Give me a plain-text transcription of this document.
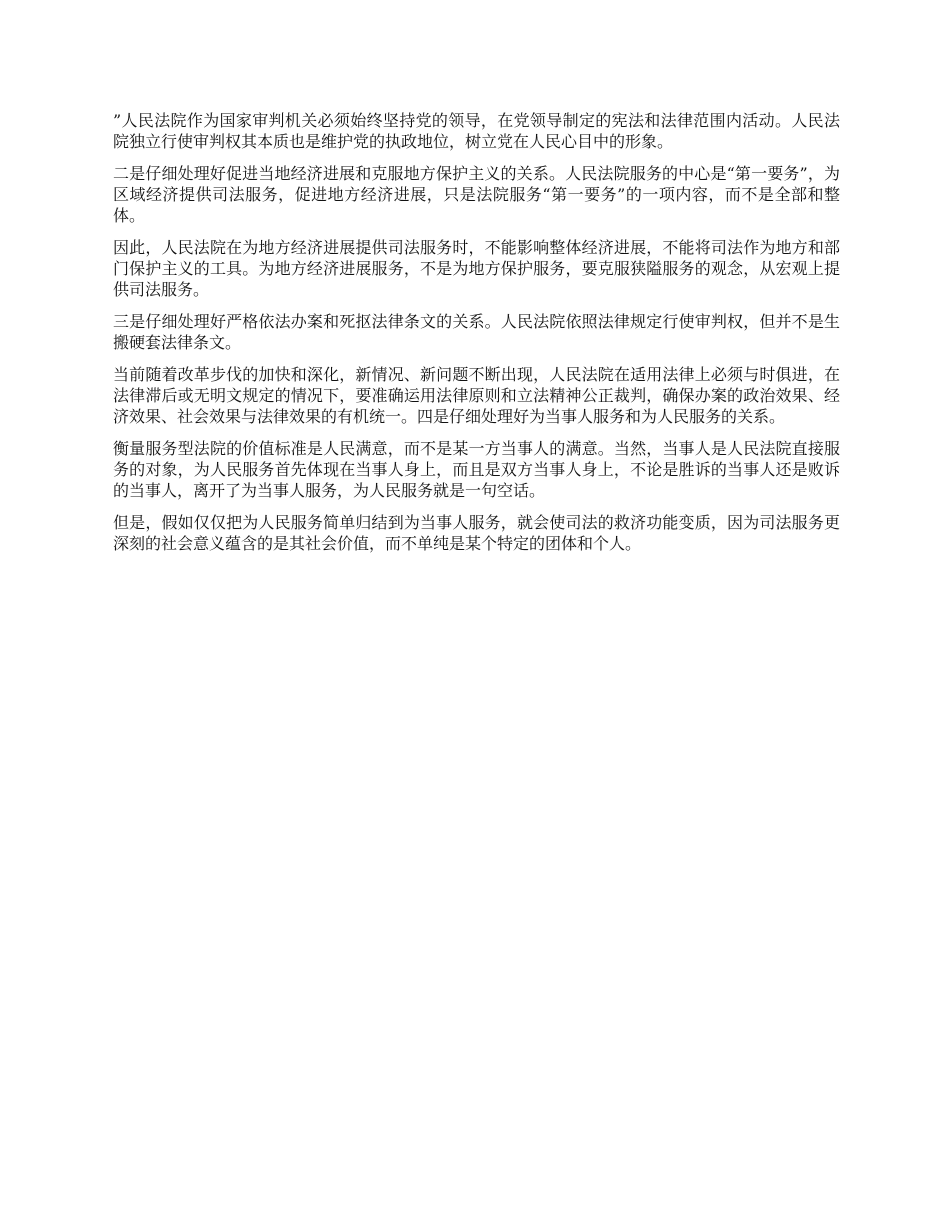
”人民法院作为国家审判机关必须始终坚持党的领导，在党领导制定的宪法和法律范围内活动。人民法院独立行使审判权其本质也是维护党的执政地位，树立党在人民心目中的形象。

二是仔细处理好促进当地经济进展和克服地方保护主义的关系。人民法院服务的中心是“第一要务”，为区域经济提供司法服务，促进地方经济进展，只是法院服务“第一要务”的一项内容，而不是全部和整体。

因此，人民法院在为地方经济进展提供司法服务时，不能影响整体经济进展，不能将司法作为地方和部门保护主义的工具。为地方经济进展服务，不是为地方保护服务，要克服狭隘服务的观念，从宏观上提供司法服务。

三是仔细处理好严格依法办案和死抠法律条文的关系。人民法院依照法律规定行使审判权，但并不是生搬硬套法律条文。

当前随着改革步伐的加快和深化，新情况、新问题不断出现，人民法院在适用法律上必须与时俱进，在法律滞后或无明文规定的情况下，要准确运用法律原则和立法精神公正裁判，确保办案的政治效果、经济效果、社会效果与法律效果的有机统一。四是仔细处理好为当事人服务和为人民服务的关系。

衡量服务型法院的价值标准是人民满意，而不是某一方当事人的满意。当然，当事人是人民法院直接服务的对象，为人民服务首先体现在当事人身上，而且是双方当事人身上，不论是胜诉的当事人还是败诉的当事人，离开了为当事人服务，为人民服务就是一句空话。

但是，假如仅仅把为人民服务简单归结到为当事人服务，就会使司法的救济功能变质，因为司法服务更深刻的社会意义蕴含的是其社会价值，而不单纯是某个特定的团体和个人。
